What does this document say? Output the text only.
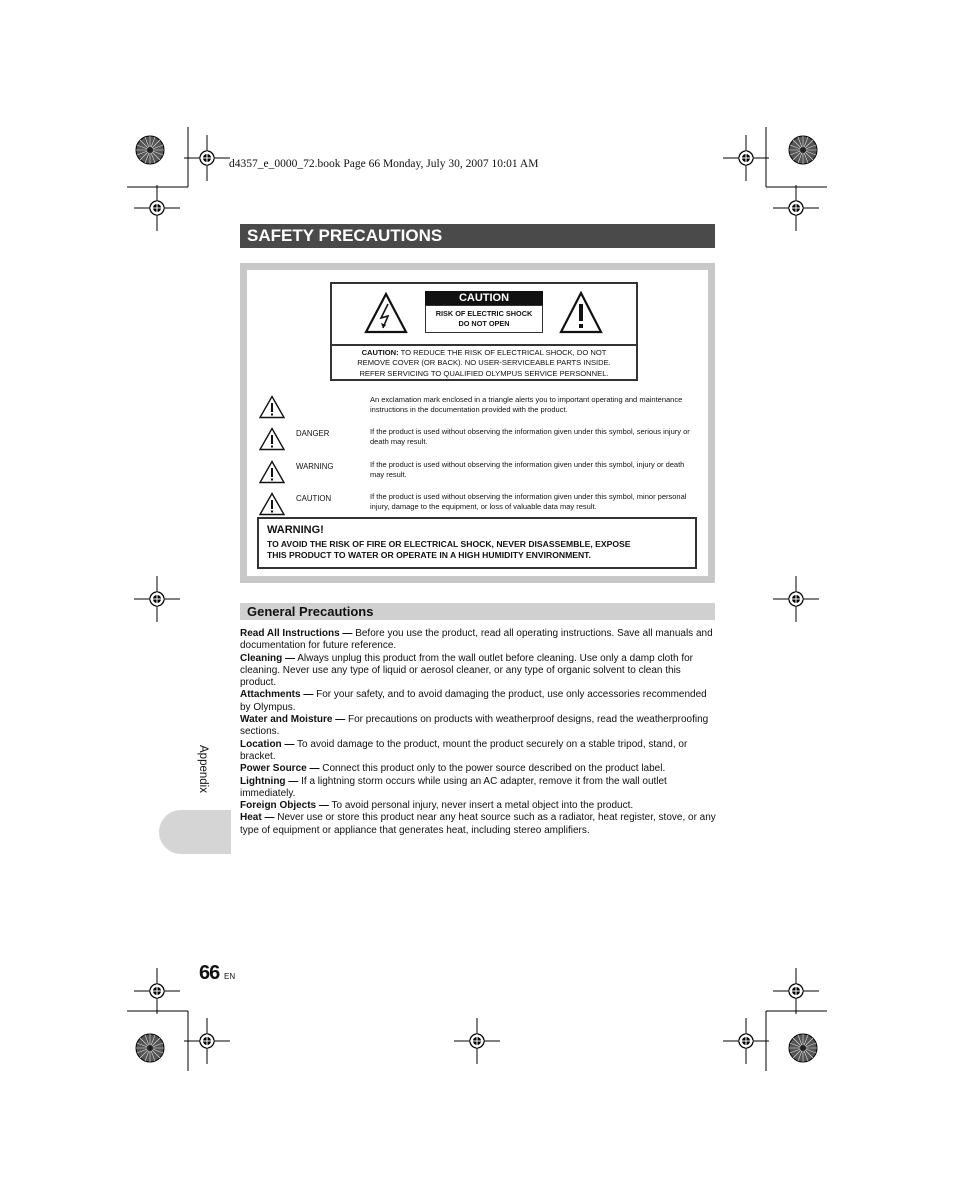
d4357_e_0000_72.book Page 66 Monday, July 30, 2007 10:01 AM
SAFETY PRECAUTIONS
CAUTION
RISK OF ELECTRIC SHOCK
DO NOT OPEN
CAUTION: TO REDUCE THE RISK OF ELECTRICAL SHOCK, DO NOT
REMOVE COVER (OR BACK). NO USER-SERVICEABLE PARTS INSIDE.
REFER SERVICING TO QUALIFIED OLYMPUS SERVICE PERSONNEL.
An exclamation mark enclosed in a triangle alerts you to important operating and maintenance instructions in the documentation provided with the product.
DANGER	If the product is used without observing the information given under this symbol, serious injury or death may result.
WARNING	If the product is used without observing the information given under this symbol, injury or death may result.
CAUTION	If the product is used without observing the information given under this symbol, minor personal injury, damage to the equipment, or loss of valuable data may result.
WARNING!
TO AVOID THE RISK OF FIRE OR ELECTRICAL SHOCK, NEVER DISASSEMBLE, EXPOSE
THIS PRODUCT TO WATER OR OPERATE IN A HIGH HUMIDITY ENVIRONMENT.
General Precautions

Read All Instructions — Before you use the product, read all operating instructions. Save all manuals and documentation for future reference.

Cleaning — Always unplug this product from the wall outlet before cleaning. Use only a damp cloth for cleaning. Never use any type of liquid or aerosol cleaner, or any type of organic solvent to clean this product.

Attachments — For your safety, and to avoid damaging the product, use only accessories recommended by Olympus.

Water and Moisture — For precautions on products with weatherproof designs, read the weatherproofing sections.

Location — To avoid damage to the product, mount the product securely on a stable tripod, stand, or bracket.

Power Source — Connect this product only to the power source described on the product label.

Lightning — If a lightning storm occurs while using an AC adapter, remove it from the wall outlet immediately.

Foreign Objects — To avoid personal injury, never insert a metal object into the product.

Heat — Never use or store this product near any heat source such as a radiator, heat register, stove, or any type of equipment or appliance that generates heat, including stereo amplifiers.

Appendix
66 EN
